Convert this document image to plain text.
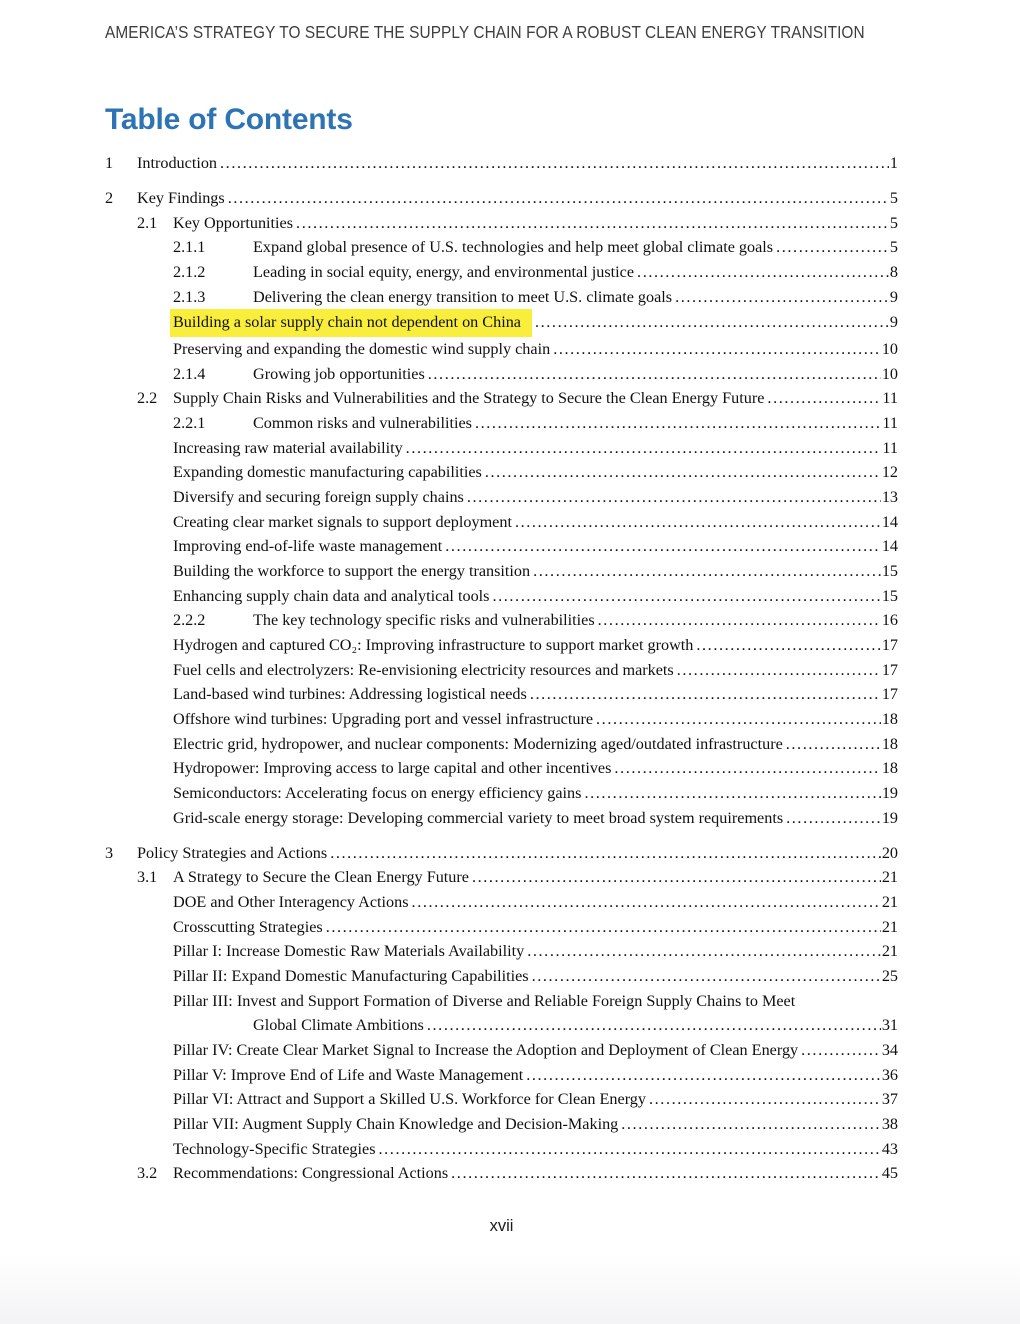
AMERICA’S STRATEGY TO SECURE THE SUPPLY CHAIN FOR A ROBUST CLEAN ENERGY TRANSITION
Table of Contents
1	Introduction .....	1
2	Key Findings .....	5
2.1 Key Opportunities .....	5
2.1.1	Expand global presence of U.S. technologies and help meet global climate goals .....	5
2.1.2	Leading in social equity, energy, and environmental justice .....	8
2.1.3	Delivering the clean energy transition to meet U.S. climate goals .....	9
Building a solar supply chain not dependent on China .....	9
Preserving and expanding the domestic wind supply chain .....	10
2.1.4	Growing job opportunities .....	10
2.2 Supply Chain Risks and Vulnerabilities and the Strategy to Secure the Clean Energy Future .....	11
2.2.1	Common risks and vulnerabilities .....	11
Increasing raw material availability .....	11
Expanding domestic manufacturing capabilities .....	12
Diversify and securing foreign supply chains .....	13
Creating clear market signals to support deployment .....	14
Improving end-of-life waste management .....	14
Building the workforce to support the energy transition .....	15
Enhancing supply chain data and analytical tools .....	15
2.2.2	The key technology specific risks and vulnerabilities .....	16
Hydrogen and captured CO₂: Improving infrastructure to support market growth .....	17
Fuel cells and electrolyzers: Re-envisioning electricity resources and markets .....	17
Land-based wind turbines: Addressing logistical needs .....	17
Offshore wind turbines: Upgrading port and vessel infrastructure .....	18
Electric grid, hydropower, and nuclear components: Modernizing aged/outdated infrastructure .....	18
Hydropower: Improving access to large capital and other incentives .....	18
Semiconductors: Accelerating focus on energy efficiency gains .....	19
Grid-scale energy storage: Developing commercial variety to meet broad system requirements .....	19
3	Policy Strategies and Actions .....	20
3.1 A Strategy to Secure the Clean Energy Future .....	21
DOE and Other Interagency Actions .....	21
Crosscutting Strategies .....	21
Pillar I: Increase Domestic Raw Materials Availability .....	21
Pillar II: Expand Domestic Manufacturing Capabilities .....	25
Pillar III: Invest and Support Formation of Diverse and Reliable Foreign Supply Chains to Meet
Global Climate Ambitions .....	31
Pillar IV: Create Clear Market Signal to Increase the Adoption and Deployment of Clean Energy .....	34
Pillar V: Improve End of Life and Waste Management .....	36
Pillar VI: Attract and Support a Skilled U.S. Workforce for Clean Energy .....	37
Pillar VII: Augment Supply Chain Knowledge and Decision-Making .....	38
Technology-Specific Strategies .....	43
3.2 Recommendations: Congressional Actions .....	45
xvii
